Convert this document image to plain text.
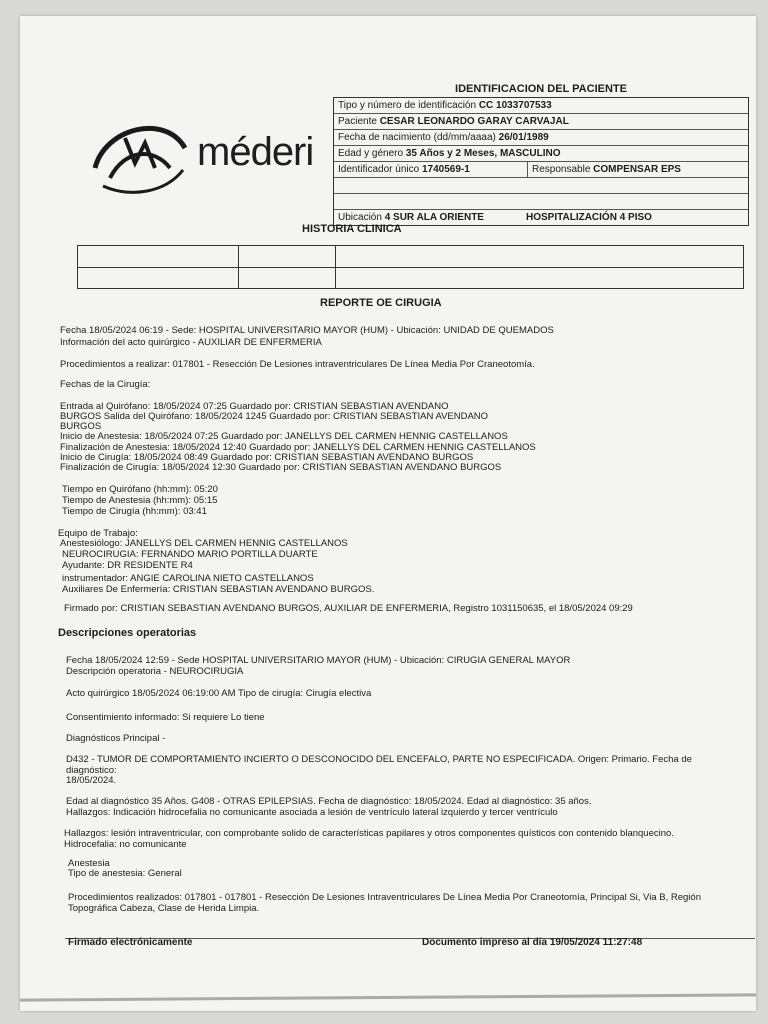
méderi
IDENTIFICACION DEL PACIENTE
Tipo y número de identificación CC 1033707533
Paciente CESAR LEONARDO GARAY CARVAJAL
Fecha de nacimiento (dd/mm/aaaa) 26/01/1989
Edad y género 35 Años y 2 Meses, MASCULINO
Identificador único 1740569-1	Responsable COMPENSAR EPS
Ubicación 4 SUR ALA ORIENTE	HOSPITALIZACIÓN 4 PISO
HISTORIA CLINICA
REPORTE OE CIRUGIA
Fecha 18/05/2024 06:19 - Sede: HOSPITAL UNIVERSITARIO MAYOR (HUM) - Ubicación: UNIDAD DE QUEMADOS
Información del acto quirúrgico - AUXILIAR DE ENFERMERIA
Procedimientos a realizar: 017801 - Resección De Lesiones intraventriculares De Línea Media Por Craneotomía.
Fechas de la Cirugía:
Entrada al Quirófano: 18/05/2024 07:25 Guardado por: CRISTIAN SEBASTIAN AVENDANO
BURGOS Salida del Quirófano: 18/05/2024 1245 Guardado por: CRISTIAN SEBASTIAN AVENDANO
BURGOS
Inicio de Anestesia: 18/05/2024 07:25 Guardado por: JANELLYS DEL CARMEN HENNIG CASTELLANOS
Finalización de Anestesia: 18/05/2024 12:40 Guardado por: JANELLYS DEL CARMEN HENNIG CASTELLANOS
Inicio de Cirugía: 18/05/2024 08:49 Guardado por: CRISTIAN SEBASTIAN AVENDANO BURGOS
Finalización de Cirugía: 18/05/2024 12:30 Guardado por: CRISTIAN SEBASTIAN AVENDANO BURGOS
Tiempo en Quirófano (hh:mm): 05:20
Tiempo de Anestesia (hh:mm): 05:15
Tiempo de Cirugía (hh:mm): 03:41
Equipo de Trabajo:
Anestesiólogo: JANELLYS DEL CARMEN HENNIG CASTELLANOS
NEUROCIRUGIA: FERNANDO MARIO PORTILLA DUARTE
Ayudante: DR RESIDENTE R4
instrumentador: ANGIE CAROLINA NIETO CASTELLANOS
Auxiliares De Enfermería: CRISTIAN SEBASTIAN AVENDANO BURGOS.
Firmado por: CRISTIAN SEBASTIAN AVENDANO BURGOS, AUXILIAR DE ENFERMERIA, Registro 1031150635, el 18/05/2024 09:29
Descripciones operatorias
Fecha 18/05/2024 12:59 - Sede HOSPITAL UNIVERSITARIO MAYOR (HUM) - Ubicación: CIRUGIA GENERAL MAYOR
Descripción operatoria - NEUROCIRUGIA
Acto quirúrgico 18/05/2024 06:19:00 AM Tipo de cirugía: Cirugía electiva
Consentimiento informado: Si requiere Lo tiene
Diagnósticos Principal -
D432 - TUMOR DE COMPORTAMIENTO INCIERTO O DESCONOCIDO DEL ENCEFALO, PARTE NO ESPECIFICADA. Origen: Primario. Fecha de
diagnóstico:
18/05/2024.
Edad al diagnóstico 35 Años. G408 - OTRAS EPILEPSIAS. Fecha de diagnóstico: 18/05/2024. Edad al diagnóstico: 35 años.
Hallazgos: Indicación hidrocefalia no comunicante asociada a lesión de ventrículo lateral izquierdo y tercer ventrículo
Hallazgos: lesión intraventricular, con comprobante solido de características papilares y otros componentes quísticos con contenido blanquecino.
Hidrocefalia: no comunicante
Anestesia
Tipo de anestesia: General
Procedimientos realizados: 017801 - 017801 - Resección De Lesiones Intraventriculares De Línea Media Por Craneotomía, Principal Si, Via B, Región
Topográfica Cabeza, Clase de Herida Limpia.
Firmado electrónicamente	Documento impreso al día 19/05/2024 11:27:48
